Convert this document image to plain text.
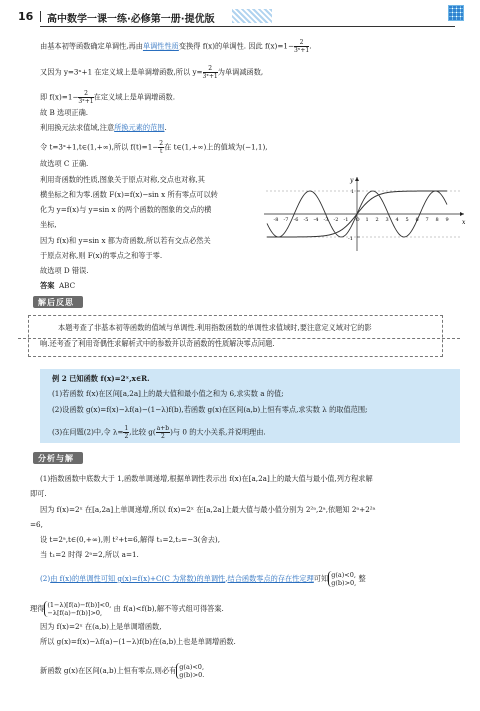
16 高中数学一课一练·必修第一册·提优版
由基本初等函数确定单调性,再由单调性性质变换得 f(x)的单调性. 因此 $f(x)=1- \frac{2}{\text{3ˣ+1}}$ .
又因为 y=3ˣ+1 在定义域上是单调增函数,所以 $y= \frac{2}{\text{3ˣ+1}}$ 为单调减函数,
即 $f(x)=1- \frac{2}{\text{3ˣ+1}}$ 在定义域上是单调增函数.
故 B 选项正确.
利用换元法求值域,注意所换元素的范围.
令 t=3ˣ+1,t∈(1,+∞),所以 $f(t)=1- \frac{2}{t}$ 在 t∈(1,+∞)上的值域为(−1,1),
故选项 C 正确.
利用奇函数的性质,图象关于原点对称,交点也对称,其
横坐标之和为零.函数 F(x)=f(x)−sin x 所有零点可以转
化为 y=f(x)与 y=sin x 的两个函数的图象的交点的横
坐标,
因为 f(x)和 y=sin x 都为奇函数,所以若有交点必然关
于原点对称,则 F(x)的零点之和等于零.
故选项 D 错误.
答案 ABC
-8 -7 -6 -5 -4 -3 -2 -1 O 1 2 3 4 5 6 7 8 9 x
y
1
-1
解后反思
本题考查了非基本初等函数的值域与单调性.利用指数函数的单调性求值域时,要注意定义域对它的影
响.还考查了利用奇偶性求解析式中的参数并以奇函数的性质解决零点问题.
例 2 已知函数 f(x)=2ˣ,x∈R.
(1)若函数 f(x)在区间[a,2a]上的最大值和最小值之和为 6,求实数 a 的值;
(2)设函数 g(x)=f(x)−λf(a)−(1−λ)f(b),若函数 g(x)在区间(a,b)上恒有零点,求实数 λ 的取值范围;
(3)在问题(2)中,令 $\lambda= \frac{1}{2}$ ,比较 $g( \frac{a+b}{2}$ )与 0 的大小关系,并说明理由.
分析与解
(1)指数函数中底数大于 1,函数单调递增,根据单调性表示出 f(x)在[a,2a]上的最大值与最小值,列方程求解
即可.
因为 f(x)=2ˣ 在[a,2a]上单调递增,所以 f(x)=2ˣ 在[a,2a]上最大值与最小值分别为 2²ᵃ,2ᵃ,依题知 2ᵃ+2²ᵃ
=6,
设 t=2ᵃ,t∈(0,+∞),则 t²+t=6,解得 t₁=2,t₂=−3(舍去),
当 t₁=2 时得 2ᵃ=2,所以 a=1.
(2)由 f(x)的单调性可知 g(x)=f(x)+C(C 为常数)的单调性,结合函数零点的存在性定理可知 g(a)<0,
g(b)>0, 整
理得 (1−λ)[f(a)−f(b)]<0,
−λ[f(a)−f(b)]>0,	由 f(a)<f(b),解不等式组可得答案.
因为 f(x)=2ˣ 在(a,b)上是单调增函数,
所以 g(x)=f(x)−λf(a)−(1−λ)f(b)在(a,b)上也是单调增函数.
新函数 g(x)在区间(a,b)上恒有零点,则必有 g(a)<0,
g(b)>0.
